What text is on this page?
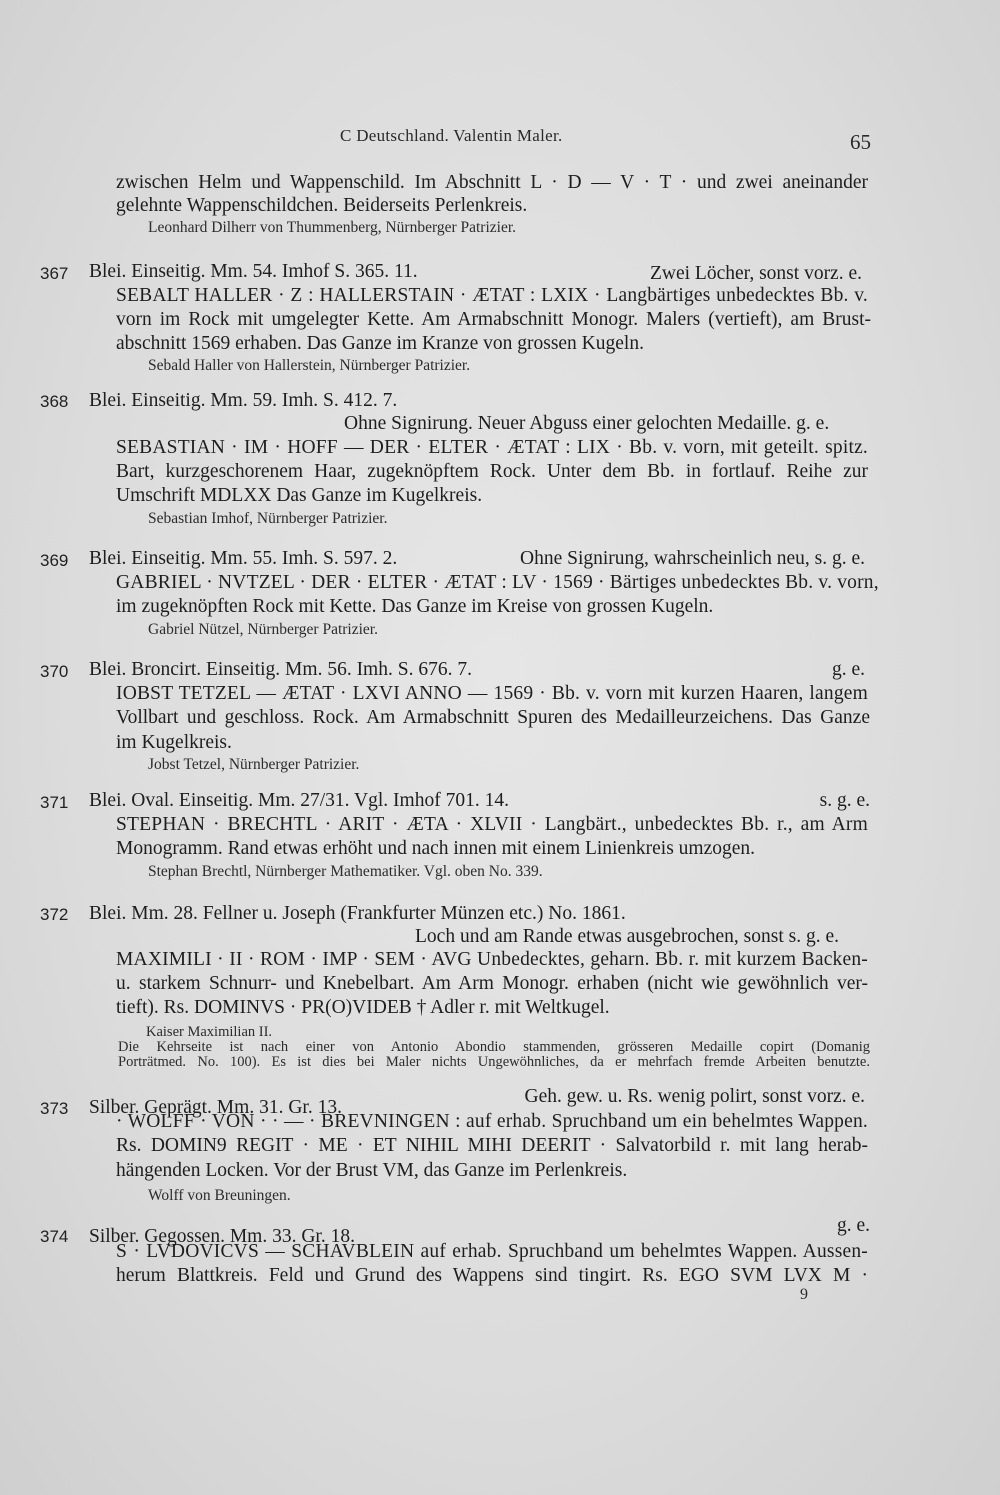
C Deutschland. Valentin Maler.	65
zwischen Helm und Wappenschild. Im Abschnitt L · D — V · T · und zwei aneinander
gelehnte Wappenschildchen. Beiderseits Perlenkreis.
Leonhard Dilherr von Thummenberg, Nürnberger Patrizier.
367 Blei. Einseitig. Mm. 54. Imhof S. 365. 11.	Zwei Löcher, sonst vorz. e.
SEBALT HALLER · Z : HALLERSTAIN · ÆTAT : LXIX · Langbärtiges unbedecktes Bb. v.
vorn im Rock mit umgelegter Kette. Am Armabschnitt Monogr. Malers (vertieft), am Brust-
abschnitt 1569 erhaben. Das Ganze im Kranze von grossen Kugeln.
Sebald Haller von Hallerstein, Nürnberger Patrizier.
368 Blei. Einseitig. Mm. 59. Imh. S. 412. 7.
Ohne Signirung. Neuer Abguss einer gelochten Medaille. g. e.
SEBASTIAN · IM · HOFF — DER · ELTER · ÆTAT : LIX · Bb. v. vorn, mit geteilt. spitz.
Bart, kurzgeschorenem Haar, zugeknöpftem Rock. Unter dem Bb. in fortlauf. Reihe zur
Umschrift MDLXX Das Ganze im Kugelkreis.
Sebastian Imhof, Nürnberger Patrizier.
369 Blei. Einseitig. Mm. 55. Imh. S. 597. 2.	Ohne Signirung, wahrscheinlich neu, s. g. e.
GABRIEL · NVTZEL · DER · ELTER · ÆTAT : LV · 1569 · Bärtiges unbedecktes Bb. v. vorn,
im zugeknöpften Rock mit Kette. Das Ganze im Kreise von grossen Kugeln.
Gabriel Nützel, Nürnberger Patrizier.
370 Blei. Broncirt. Einseitig. Mm. 56. Imh. S. 676. 7.	g. e.
IOBST TETZEL — ÆTAT · LXVI ANNO — 1569 · Bb. v. vorn mit kurzen Haaren, langem
Vollbart und geschloss. Rock. Am Armabschnitt Spuren des Medailleurzeichens. Das Ganze
im Kugelkreis.
Jobst Tetzel, Nürnberger Patrizier.
371 Blei. Oval. Einseitig. Mm. 27/31. Vgl. Imhof 701. 14.	s. g. e.
STEPHAN · BRECHTL · ARIT · ÆTA · XLVII · Langbärt., unbedecktes Bb. r., am Arm
Monogramm. Rand etwas erhöht und nach innen mit einem Linienkreis umzogen.
Stephan Brechtl, Nürnberger Mathematiker. Vgl. oben No. 339.
372 Blei. Mm. 28. Fellner u. Joseph (Frankfurter Münzen etc.) No. 1861.
Loch und am Rande etwas ausgebrochen, sonst s. g. e.
MAXIMILI · II · ROM · IMP · SEM · AVG Unbedecktes, geharn. Bb. r. mit kurzem Backen-
u. starkem Schnurr- und Knebelbart. Am Arm Monogr. erhaben (nicht wie gewöhnlich ver-
tieft). Rs. DOMINVS · PR(O)VIDEB † Adler r. mit Weltkugel.
Kaiser Maximilian II.
Die Kehrseite ist nach einer von Antonio Abondio stammenden, grösseren Medaille copirt (Domanig
Porträtmed. No. 100). Es ist dies bei Maler nichts Ungewöhnliches, da er mehrfach fremde Arbeiten benutzte.
373 Silber. Geprägt. Mm. 31. Gr. 13.
Geh. gew. u. Rs. wenig polirt, sonst vorz. e.
· WOLFF · VON · · — · BREVNINGEN : auf erhab. Spruchband um ein behelmtes Wappen.
Rs. DOMIN9 REGIT · ME · ET NIHIL MIHI DEERIT · Salvatorbild r. mit lang herab-
hängenden Locken. Vor der Brust VM, das Ganze im Perlenkreis.
Wolff von Breuningen.
374 Silber. Gegossen. Mm. 33. Gr. 18.
g. e.
S · LVDOVICVS — SCHAVBLEIN auf erhab. Spruchband um behelmtes Wappen. Aussen-
herum Blattkreis. Feld und Grund des Wappens sind tingirt. Rs. EGO SVM LVX M ·
9
